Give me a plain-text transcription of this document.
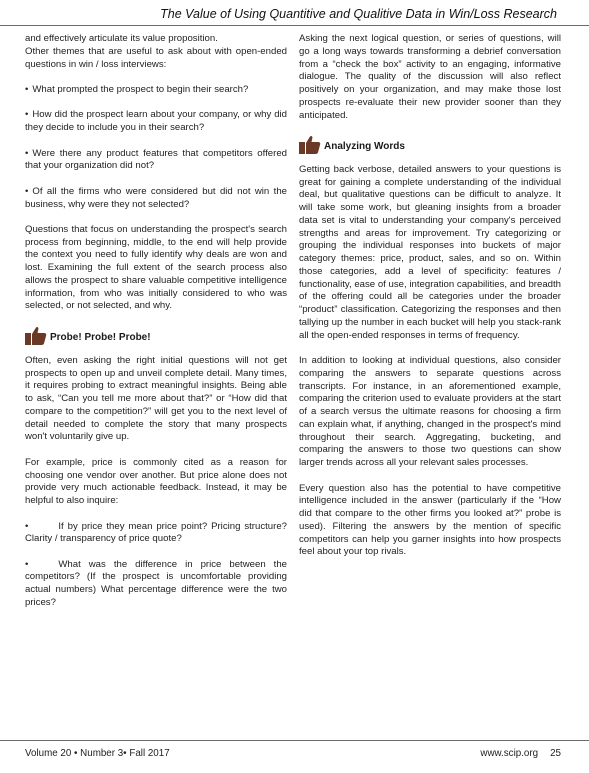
The Value of Using Quantitive and Qualitive Data in Win/Loss Research

and effectively articulate its value proposition.

Other themes that are useful to ask about with open-ended questions in win / loss interviews:

• What prompted the prospect to begin their search?

• How did the prospect learn about your company, or why did they decide to include you in their search?

• Were there any product features that competitors offered that your organization did not?

• Of all the firms who were considered but did not win the business, why were they not selected?

Questions that focus on understanding the prospect's search process from beginning, middle, to the end will help provide the context you need to fully identify why deals are won and lost. Examining the full extent of the search process also allows the prospect to share valuable competitive intelligence information, from who was initially considered to who was selected, or not selected, and why.

Probe! Probe! Probe!

Often, even asking the right initial questions will not get prospects to open up and unveil complete detail. Many times, it requires probing to extract meaningful insights. Being able to ask, “Can you tell me more about that?” or “How did that compare to the competition?” will get you to the next level of detail needed to complete the story that many prospects won't voluntarily give up.

For example, price is commonly cited as a reason for choosing one vendor over another. But price alone does not provide very much actionable feedback. Instead, it may be helpful to also inquire:

• If by price they mean price point? Pricing structure? Clarity / transparency of price quote?

• What was the difference in price between the competitors? (If the prospect is uncomfortable providing actual numbers) What percentage difference were the two prices?

Asking the next logical question, or series of questions, will go a long ways towards transforming a debrief conversation from a “check the box” activity to an engaging, informative dialogue. The quality of the discussion will also reflect positively on your organization, and may make those lost prospects re-evaluate their new provider sooner than they anticipated.

Analyzing Words

Getting back verbose, detailed answers to your questions is great for gaining a complete understanding of the individual deal, but qualitative questions can be difficult to analyze. It will take some work, but gleaning insights from a broader data set is vital to understanding your company's perceived strengths and areas for improvement. Try categorizing or grouping the individual responses into buckets of major category themes: price, product, sales, and so on. Within those categories, add a level of specificity: features / functionality, ease of use, integration capabilities, and breadth of the offering could all be categories under the broader “product” classification. Categorizing the responses and then tallying up the number in each bucket will help you stack-rank all the open-ended responses in terms of frequency.

In addition to looking at individual questions, also consider comparing the answers to separate questions across transcripts. For instance, in an aforementioned example, comparing the criterion used to evaluate providers at the start of a search versus the ultimate reasons for choosing a firm can explain what, if anything, changed in the prospect's mind throughout their search. Aggregating, bucketing, and comparing the answers to those two questions can show larger trends across all your relevant sales processes.

Every question also has the potential to have competitive intelligence included in the answer (particularly if the “How did that compare to the other firms you looked at?” probe is used). Filtering the answers by the mention of specific competitors can help you garner insights into how prospects feel about your top rivals.

Volume 20 • Number 3• Fall 2017	www.scip.org 25
